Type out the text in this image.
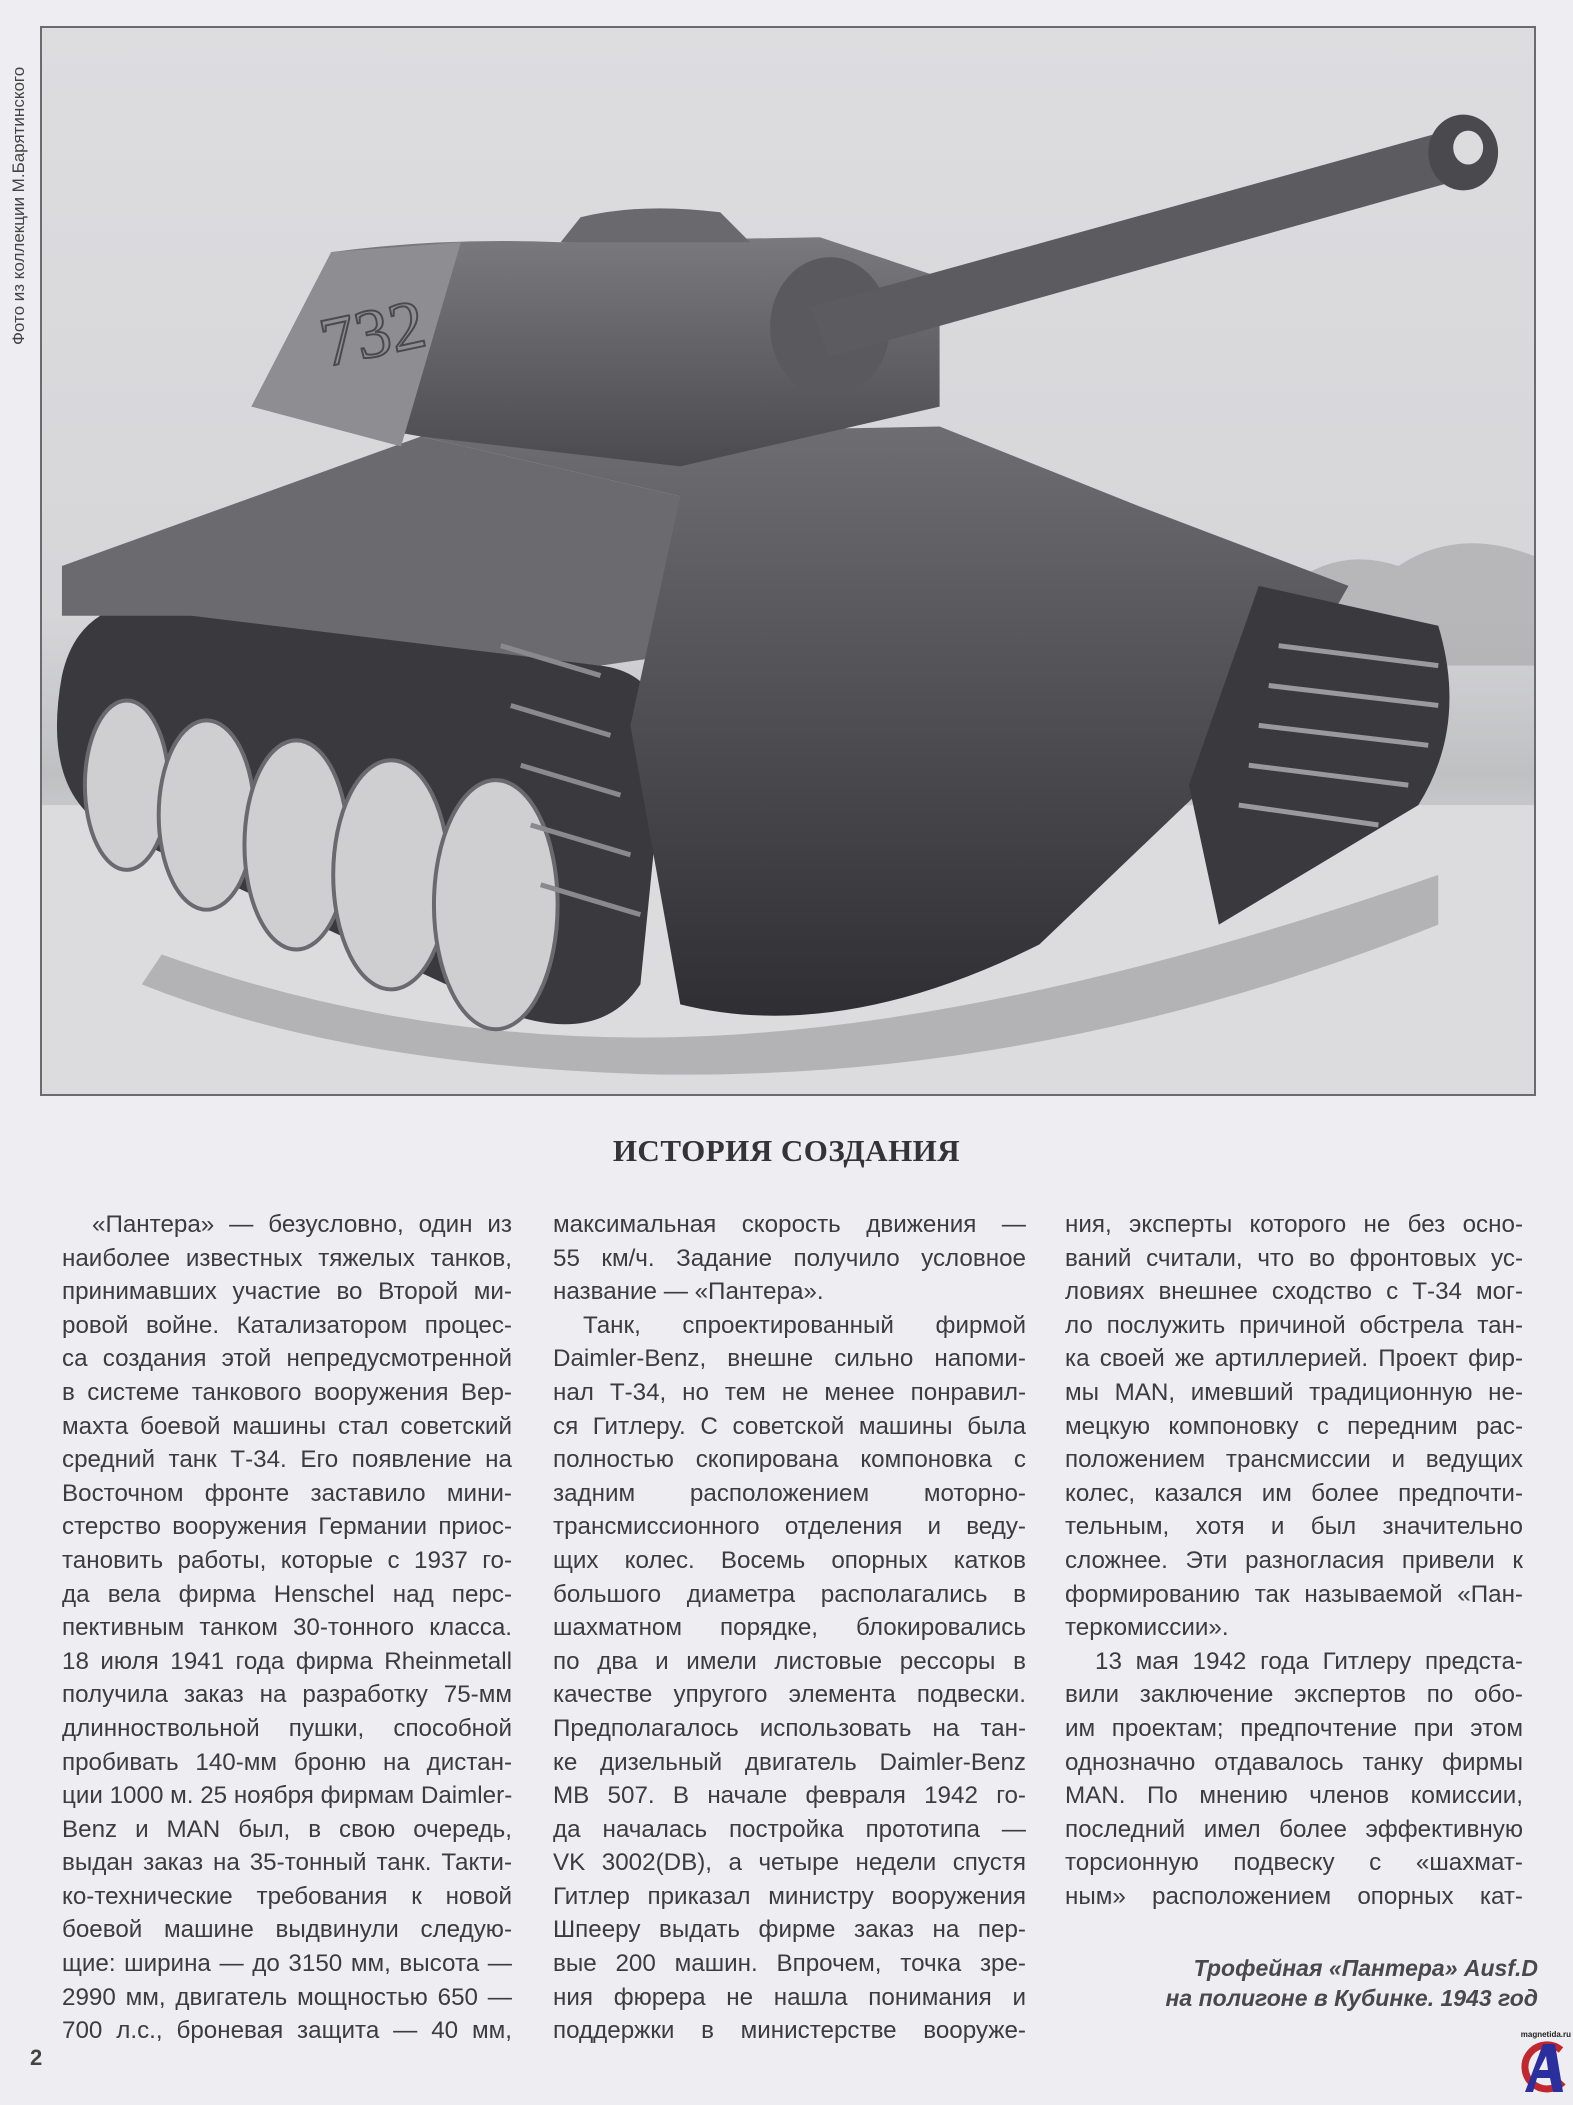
Фото из коллекции М.Барятинского	732
ИСТОРИЯ СОЗДАНИЯ
«Пантера» — безусловно, один из
наиболее известных тяжелых танков,
принимавших участие во Второй ми-
ровой войне. Катализатором процес-
са создания этой непредусмотренной
в системе танкового вооружения Вер-
махта боевой машины стал советский
средний танк Т-34. Его появление на
Восточном фронте заставило мини-
стерство вооружения Германии приос-
тановить работы, которые с 1937 го-
да вела фирма Henschel над перс-
пективным танком 30-тонного класса.
18 июля 1941 года фирма Rheinmetall
получила заказ на разработку 75-мм
длинноствольной пушки, способной
пробивать 140-мм броню на дистан-
ции 1000 м. 25 ноября фирмам Daimler-
Benz и MAN был, в свою очередь,
выдан заказ на 35-тонный танк. Такти-
ко-технические требования к новой
боевой машине выдвинули следую-
щие: ширина — до 3150 мм, высота —
2990 мм, двигатель мощностью 650 —
700 л.с., броневая защита — 40 мм,
максимальная скорость движения —
55 км/ч. Задание получило условное
название — «Пантера».
Танк, спроектированный фирмой
Daimler-Benz, внешне сильно напоми-
нал Т-34, но тем не менее понравил-
ся Гитлеру. С советской машины была
полностью скопирована компоновка с
задним расположением моторно-
трансмиссионного отделения и веду-
щих колес. Восемь опорных катков
большого диаметра располагались в
шахматном порядке, блокировались
по два и имели листовые рессоры в
качестве упругого элемента подвески.
Предполагалось использовать на тан-
ке дизельный двигатель Daimler-Benz
MB 507. В начале февраля 1942 го-
да началась постройка прототипа —
VK 3002(DB), а четыре недели спустя
Гитлер приказал министру вооружения
Шпееру выдать фирме заказ на пер-
вые 200 машин. Впрочем, точка зре-
ния фюрера не нашла понимания и
поддержки в министерстве вооруже-
ния, эксперты которого не без осно-
ваний считали, что во фронтовых ус-
ловиях внешнее сходство с Т-34 мог-
ло послужить причиной обстрела тан-
ка своей же артиллерией. Проект фир-
мы MAN, имевший традиционную не-
мецкую компоновку с передним рас-
положением трансмиссии и ведущих
колес, казался им более предпочти-
тельным, хотя и был значительно
сложнее. Эти разногласия привели к
формированию так называемой «Пан-
теркомиссии».
13 мая 1942 года Гитлеру предста-
вили заключение экспертов по обо-
им проектам; предпочтение при этом
однозначно отдавалось танку фирмы
MAN. По мнению членов комиссии,
последний имел более эффективную
торсионную подвеску с «шахмат-
ным» расположением опорных кат-
Трофейная «Пантера» Ausf.D
на полигоне в Кубинке. 1943 год
2
magnetida.ru
